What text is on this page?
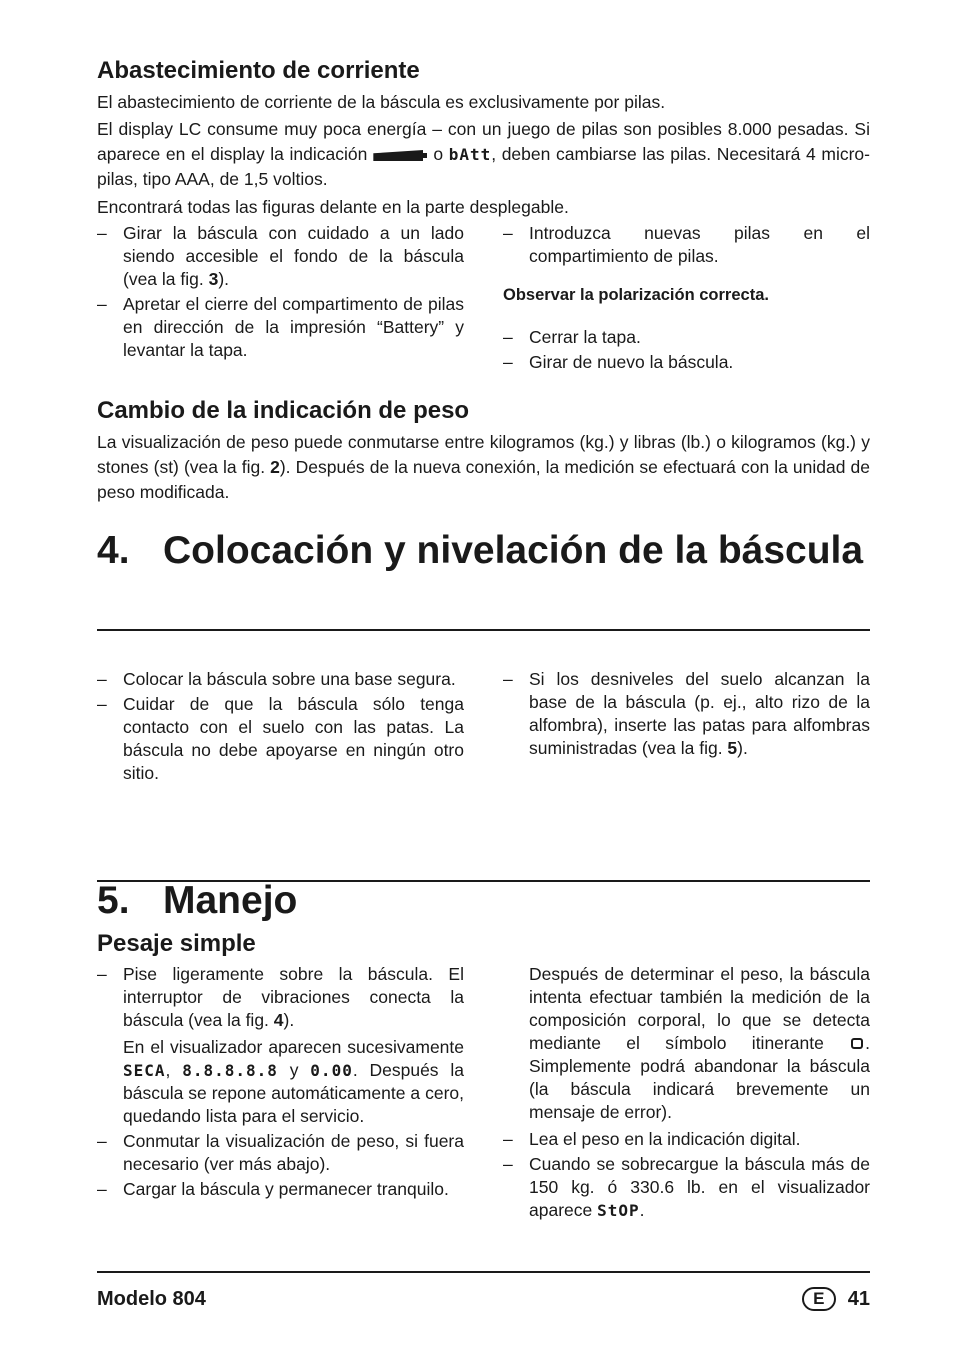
Abastecimiento de corriente

El abastecimiento de corriente de la báscula es exclusivamente por pilas.

El display LC consume muy poca energía – con un juego de pilas son posibles 8.000 pesadas. Si aparece en el display la indicación	o bAtt, deben cambiarse las pilas. Necesitará 4 micro-pilas, tipo AAA, de 1,5 voltios.

Encontrará todas las figuras delante en la parte desplegable.

– Girar la báscula con cuidado a un lado siendo accesible el fondo de la báscula (vea la fig. 3).
– Apretar el cierre del compartimento de pilas en dirección de la impresión “Battery” y levantar la tapa.
– Introduzca nuevas pilas en el compartimiento de pilas.

Observar la polarización correcta.

– Cerrar la tapa.
– Girar de nuevo la báscula.
Cambio de la indicación de peso

La visualización de peso puede conmutarse entre kilogramos (kg.) y libras (lb.) o kilogramos (kg.) y stones (st) (vea la fig. 2). Después de la nueva conexión, la medición se efectuará con la unidad de peso modificada.

4. Colocación y nivelación de la báscula
– Colocar la báscula sobre una base segura.
– Cuidar de que la báscula sólo tenga contacto con el suelo con las patas. La báscula no debe apoyarse en ningún otro sitio.
– Si los desniveles del suelo alcanzan la base de la báscula (p. ej., alto rizo de la alfombra), inserte las patas para alfombras suministradas (vea la fig. 5).
5. Manejo
Pesaje simple
– Pise ligeramente sobre la báscula. El interruptor de vibraciones conecta la báscula (vea la fig. 4).
En el visualizador aparecen sucesivamente SECA, 8.8.8.8.8 y 0.00. Después la báscula se repone automáticamente a cero, quedando lista para el servicio.
– Conmutar la visualización de peso, si fuera necesario (ver más abajo).
– Cargar la báscula y permanecer tranquilo.
Después de determinar el peso, la báscula intenta efectuar también la medición de la composición corporal, lo que se detecta mediante el símbolo itinerante . Simplemente podrá abandonar la báscula (la báscula indicará brevemente un mensaje de error).
– Lea el peso en la indicación digital.
– Cuando se sobrecargue la báscula más de 150 kg. ó 330.6 lb. en el visualizador aparece StOP.
Modelo 804	E	41
